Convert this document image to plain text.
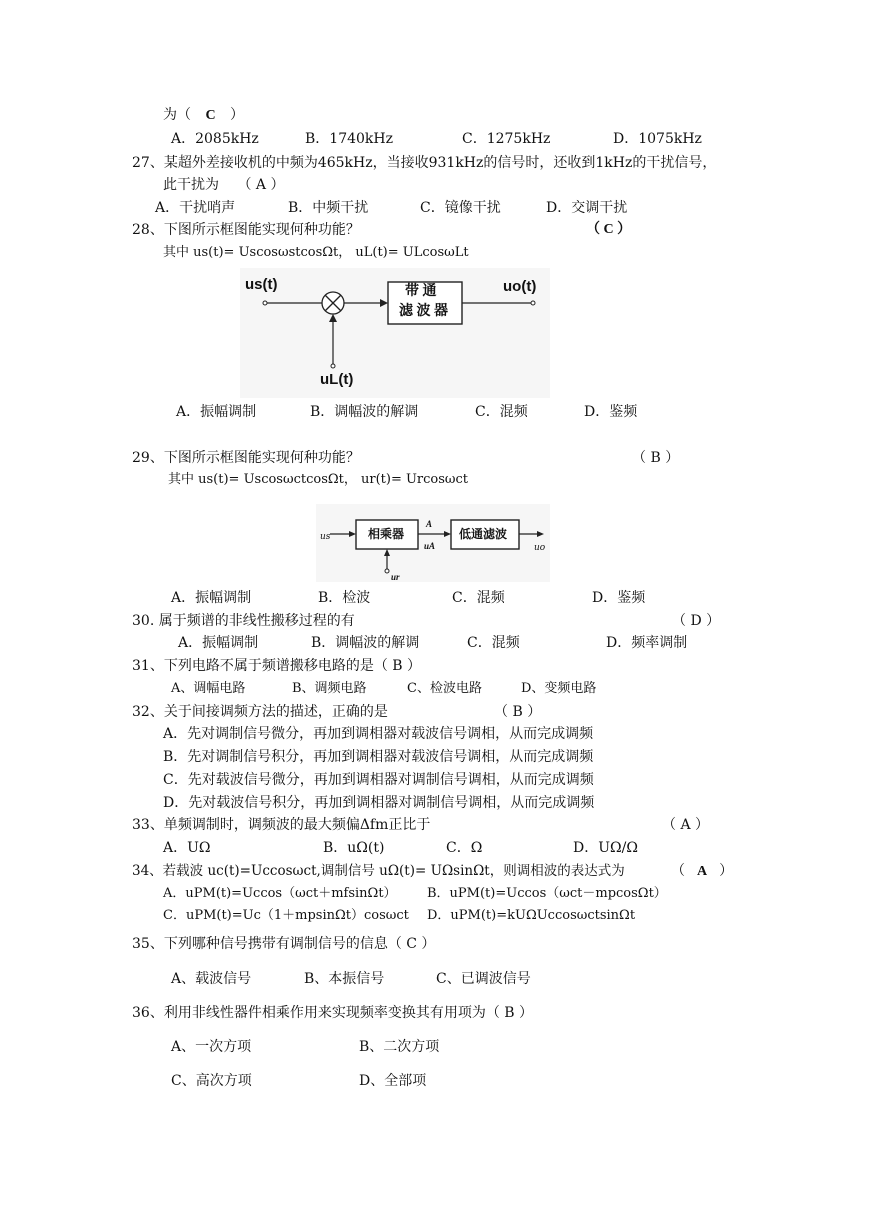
为（ C ）
A．2085kHz	B．1740kHz	C．1275kHz	D．1075kHz
27、某超外差接收机的中频为465kHz，当接收931kHz的信号时，还收到1kHz的干扰信号，
此干扰为 （ A ）
A．干扰哨声	B．中频干扰	C．镜像干扰	D．交调干扰
28、下图所示框图能实现何种功能？	（ C ）
其中 us(t)= UscosωstcosΩt， uL(t)= ULcosωLt
us(t)	uo(t)
uL(t)
带 通
滤 波 器
A．振幅调制	B．调幅波的解调	C．混频	D．鉴频
29、下图所示框图能实现何种功能？	（ B ）
其中 us(t)= UscosωctcosΩt， ur(t)= Urcosωct
us	相乘器
A
uA
低通滤波
uo
ur
A．振幅调制	B．检波	C．混频	D．鉴频
30. 属于频谱的非线性搬移过程的有	（ D ）
A．振幅调制	B．调幅波的解调	C．混频	D．频率调制
31、下列电路不属于频谱搬移电路的是（ B ）
A、调幅电路	B、调频电路	C、检波电路	D、变频电路
32、关于间接调频方法的描述，正确的是	（ B ）
A．先对调制信号微分，再加到调相器对载波信号调相，从而完成调频
B．先对调制信号积分，再加到调相器对载波信号调相，从而完成调频
C．先对载波信号微分，再加到调相器对调制信号调相，从而完成调频
D．先对载波信号积分，再加到调相器对调制信号调相，从而完成调频
33、单频调制时，调频波的最大频偏Δfm正比于	（ A ）
A．UΩ	B．uΩ(t)	C．Ω	D．UΩ/Ω
34、若载波 uc(t)=Uccosωct,调制信号 uΩ(t)= UΩsinΩt，则调相波的表达式为	（ A ）
A．uPM(t)=Uccos（ωct＋mfsinΩt） B．uPM(t)=Uccos（ωct－mpcosΩt）
C．uPM(t)=Uc（1＋mpsinΩt）cosωct D．uPM(t)=kUΩUccosωctsinΩt
35、下列哪种信号携带有调制信号的信息（ C ）
A、载波信号	B、本振信号	C、已调波信号
36、利用非线性器件相乘作用来实现频率变换其有用项为（ B ）
A、一次方项	B、二次方项
C、高次方项	D、全部项
